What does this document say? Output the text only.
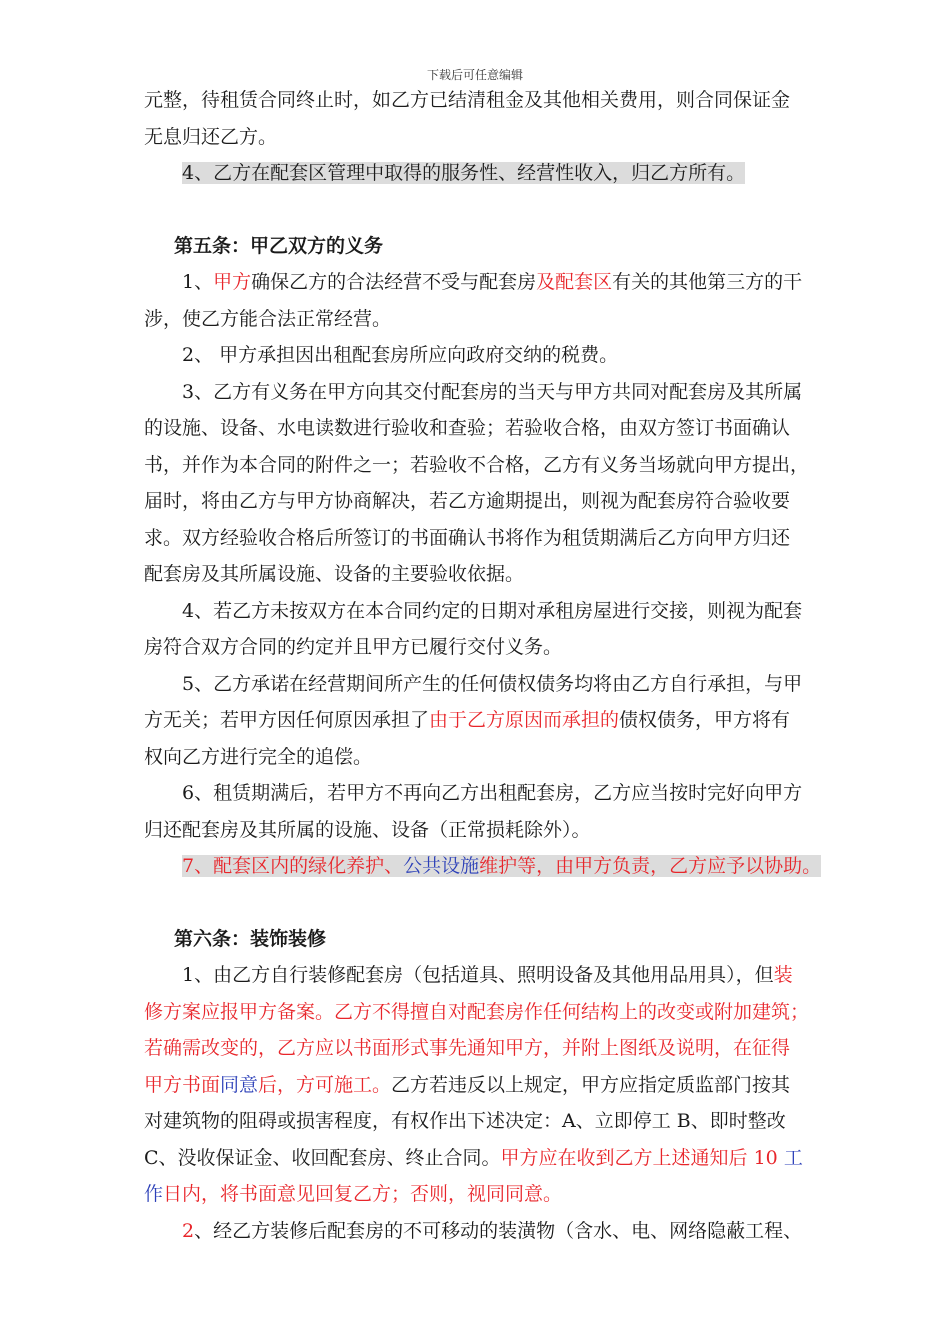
下载后可任意编辑
元整，待租赁合同终止时，如乙方已结清租金及其他相关费用，则合同保证金
无息归还乙方。
4、乙方在配套区管理中取得的服务性、经营性收入，归乙方所有。
第五条：甲乙双方的义务
1、甲方确保乙方的合法经营不受与配套房及配套区有关的其他第三方的干
涉，使乙方能合法正常经营。
2、 甲方承担因出租配套房所应向政府交纳的税费。
3、乙方有义务在甲方向其交付配套房的当天与甲方共同对配套房及其所属
的设施、设备、水电读数进行验收和查验；若验收合格，由双方签订书面确认
书，并作为本合同的附件之一；若验收不合格，乙方有义务当场就向甲方提出，
届时，将由乙方与甲方协商解决，若乙方逾期提出，则视为配套房符合验收要
求。双方经验收合格后所签订的书面确认书将作为租赁期满后乙方向甲方归还
配套房及其所属设施、设备的主要验收依据。
4、若乙方未按双方在本合同约定的日期对承租房屋进行交接，则视为配套
房符合双方合同的约定并且甲方已履行交付义务。
5、乙方承诺在经营期间所产生的任何债权债务均将由乙方自行承担，与甲
方无关；若甲方因任何原因承担了由于乙方原因而承担的债权债务，甲方将有
权向乙方进行完全的追偿。
6、租赁期满后，若甲方不再向乙方出租配套房，乙方应当按时完好向甲方
归还配套房及其所属的设施、设备（正常损耗除外）。
7、配套区内的绿化养护、公共设施维护等，由甲方负责，乙方应予以协助。
第六条：装饰装修
1、由乙方自行装修配套房（包括道具、照明设备及其他用品用具），但装
修方案应报甲方备案。乙方不得擅自对配套房作任何结构上的改变或附加建筑；
若确需改变的，乙方应以书面形式事先通知甲方，并附上图纸及说明，在征得
甲方书面同意后，方可施工。乙方若违反以上规定，甲方应指定质监部门按其
对建筑物的阻碍或损害程度，有权作出下述决定：A、立即停工 B、即时整改
C、没收保证金、收回配套房、终止合同。甲方应在收到乙方上述通知后 10 工
作日内，将书面意见回复乙方；否则，视同同意。
2、经乙方装修后配套房的不可移动的装潢物（含水、电、网络隐蔽工程、
